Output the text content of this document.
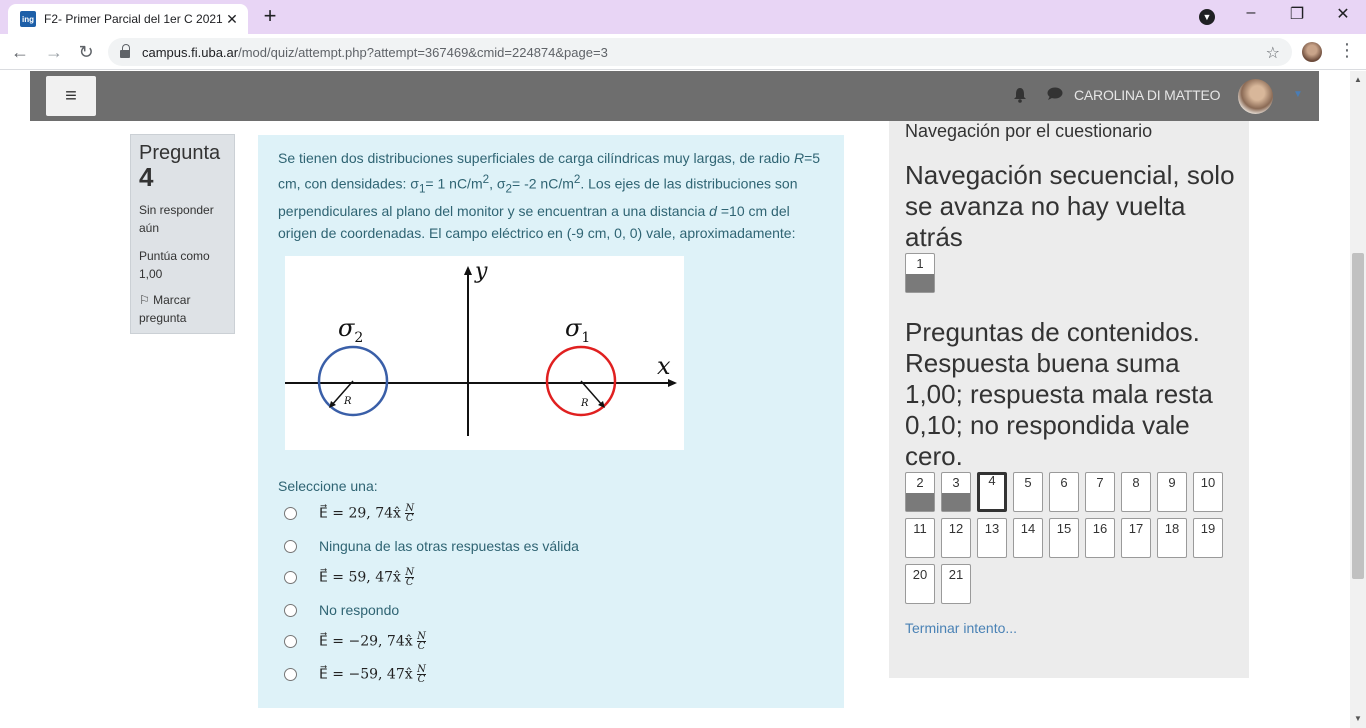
ing F2- Primer Parcial del 1er C 2021 ✕ +	▼	–	❐	✕
← → ↻	campus.fi.uba.ar /mod/quiz/attempt.php?attempt=367469&cmid=224874&page=3	☆	⋮
≡	CAROLINA DI MATTEO	▼
Pregunta
4
Sin responder aún
Puntúa como 1,00
⚐ Marcar pregunta
Se tienen dos distribuciones superficiales de carga cilíndricas muy largas, de radio R=5 cm, con densidades: $\sigma_1= 1$ $nC/m^2$, $\sigma_2= -2$ $nC/m^2$. Los ejes de las distribuciones son perpendiculares al plano del monitor y se encuentran a una distancia d =10 cm del origen de coordenadas. El campo eléctrico en (-9 cm, 0, 0) vale, aproximadamente:
y
x
R
$\sigma_2$
R
$\sigma_1$
Seleccione una:
E⃗ = 29, 74x̂ $\frac{N}{C}$
Ninguna de las otras respuestas es válida
E⃗ = 59, 47x̂ $\frac{N}{C}$
No respondo
E⃗ = −29, 74x̂ $\frac{N}{C}$
E⃗ = −59, 47x̂ $\frac{N}{C}$
Navegación por el cuestionario
Navegación secuencial, solo se avanza no hay vuelta atrás
1
Preguntas de contenidos. Respuesta buena suma 1,00; respuesta mala resta 0,10; no respondida vale cero.
2	3	4	5	6	7	8	9	10
11	12	13	14	15	16	17	18	19
20	21
Terminar intento...
▲
▼
